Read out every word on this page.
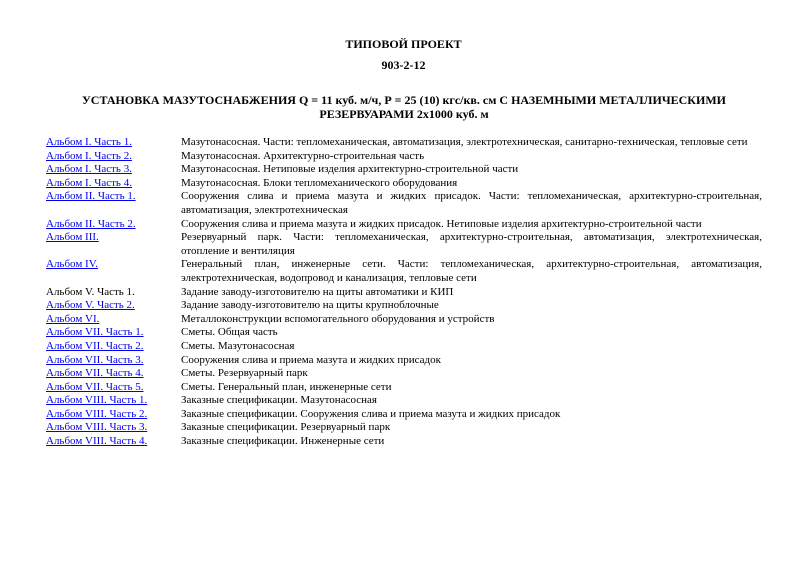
ТИПОВОЙ ПРОЕКТ
903-2-12
УСТАНОВКА МАЗУТОСНАБЖЕНИЯ Q = 11 куб. м/ч, Р = 25 (10) кгс/кв. см С НАЗЕМНЫМИ МЕТАЛЛИЧЕСКИМИ РЕЗЕРВУАРАМИ 2х1000 куб. м
Альбом I. Часть 1.	Мазутонасосная. Части: тепломеханическая, автоматизация, электротехническая, санитарно-техническая, тепловые сети
Альбом I. Часть 2.	Мазутонасосная. Архитектурно-строительная часть
Альбом I. Часть 3.	Мазутонасосная. Нетиповые изделия архитектурно-строительной части
Альбом I. Часть 4.	Мазутонасосная. Блоки тепломеханического оборудования
Альбом II. Часть 1.	Сооружения слива и приема мазута и жидких присадок. Части: тепломеханическая, архитектурно-строительная, автоматизация, электротехническая
Альбом II. Часть 2.	Сооружения слива и приема мазута и жидких присадок. Нетиповые изделия архитектурно-строительной части
Альбом III.	Резервуарный парк. Части: тепломеханическая, архитектурно-строительная, автоматизация, электротехническая, отопление и вентиляция
Альбом IV.	Генеральный план, инженерные сети. Части: тепломеханическая, архитектурно-строительная, автоматизация, электротехническая, водопровод и канализация, тепловые сети
Альбом V. Часть 1.	Задание заводу-изготовителю на щиты автоматики и КИП
Альбом V. Часть 2.	Задание заводу-изготовителю на щиты крупноблочные
Альбом VI.	Металлоконструкции вспомогательного оборудования и устройств
Альбом VII. Часть 1.	Сметы. Общая часть
Альбом VII. Часть 2.	Сметы. Мазутонасосная
Альбом VII. Часть 3.	Сооружения слива и приема мазута и жидких присадок
Альбом VII. Часть 4.	Сметы. Резервуарный парк
Альбом VII. Часть 5.	Сметы. Генеральный план, инженерные сети
Альбом VIII. Часть 1.	Заказные спецификации. Мазутонасосная
Альбом VIII. Часть 2.	Заказные спецификации. Сооружения слива и приема мазута и жидких присадок
Альбом VIII. Часть 3.	Заказные спецификации. Резервуарный парк
Альбом VIII. Часть 4.	Заказные спецификации. Инженерные сети
